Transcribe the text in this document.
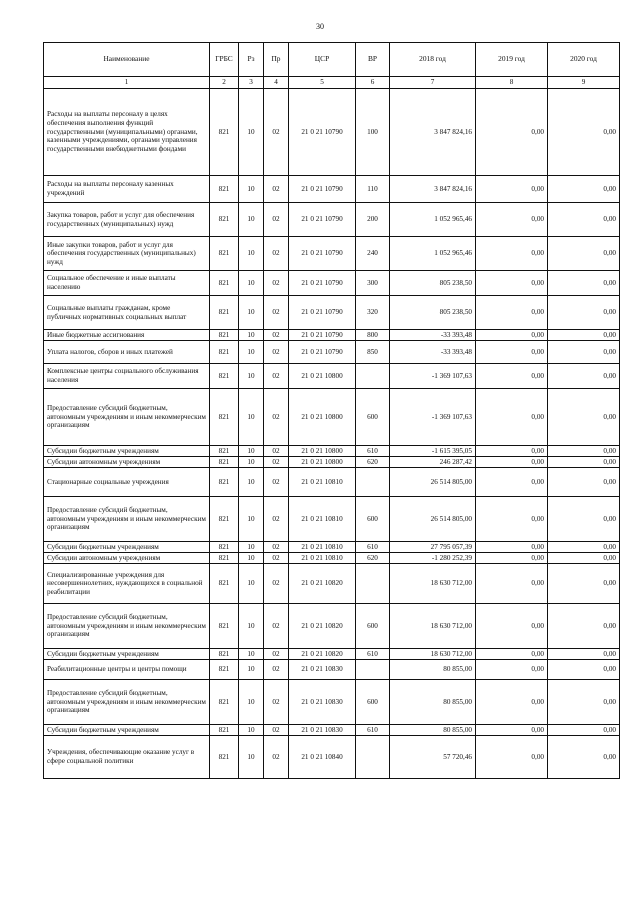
30
Наименование	ГРБС	Рз	Пр	ЦСР	ВР	2018 год	2019 год	2020 год
1	2	3	4	5	6	7	8	9
Расходы на выплаты персоналу в целях обеспечения выполнения функций государственными (муниципальными) органами, казенными учреждениями, органами управления государственными внебюджетными фондами	821	10	02	21 0 21 10790	100	3 847 824,16	0,00	0,00
Расходы на выплаты персоналу казенных учреждений	821	10	02	21 0 21 10790	110	3 847 824,16	0,00	0,00
Закупка товаров, работ и услуг для обеспечения государственных (муниципальных) нужд	821	10	02	21 0 21 10790	200	1 052 965,46	0,00	0,00
Иные закупки товаров, работ и услуг для обеспечения государственных (муниципальных) нужд	821	10	02	21 0 21 10790	240	1 052 965,46	0,00	0,00
Социальное обеспечение и иные выплаты населению	821	10	02	21 0 21 10790	300	805 238,50	0,00	0,00
Социальные выплаты гражданам, кроме публичных нормативных социальных выплат	821	10	02	21 0 21 10790	320	805 238,50	0,00	0,00
Иные бюджетные ассигнования	821	10	02	21 0 21 10790	800	-33 393,48	0,00	0,00
Уплата налогов, сборов и иных платежей	821	10	02	21 0 21 10790	850	-33 393,48	0,00	0,00
Комплексные центры социального обслуживания населения	821	10	02	21 0 21 10800		-1 369 107,63	0,00	0,00
Предоставление субсидий бюджетным, автономным учреждениям и иным некоммерческим организациям	821	10	02	21 0 21 10800	600	-1 369 107,63	0,00	0,00
Субсидии бюджетным учреждениям	821	10	02	21 0 21 10800	610	-1 615 395,05	0,00	0,00
Субсидии автономным учреждениям	821	10	02	21 0 21 10800	620	246 287,42	0,00	0,00
Стационарные социальные учреждения	821	10	02	21 0 21 10810		26 514 805,00	0,00	0,00
Предоставление субсидий бюджетным, автономным учреждениям и иным некоммерческим организациям	821	10	02	21 0 21 10810	600	26 514 805,00	0,00	0,00
Субсидии бюджетным учреждениям	821	10	02	21 0 21 10810	610	27 795 057,39	0,00	0,00
Субсидии автономным учреждениям	821	10	02	21 0 21 10810	620	-1 280 252,39	0,00	0,00
Специализированные учреждения для несовершеннолетних, нуждающихся в социальной реабилитации	821	10	02	21 0 21 10820		18 630 712,00	0,00	0,00
Предоставление субсидий бюджетным, автономным учреждениям и иным некоммерческим организациям	821	10	02	21 0 21 10820	600	18 630 712,00	0,00	0,00
Субсидии бюджетным учреждениям	821	10	02	21 0 21 10820	610	18 630 712,00	0,00	0,00
Реабилитационные центры и центры помощи	821	10	02	21 0 21 10830		80 855,00	0,00	0,00
Предоставление субсидий бюджетным, автономным учреждениям и иным некоммерческим организациям	821	10	02	21 0 21 10830	600	80 855,00	0,00	0,00
Субсидии бюджетным учреждениям	821	10	02	21 0 21 10830	610	80 855,00	0,00	0,00
Учреждения, обеспечивающие оказание услуг в сфере социальной политики	821	10	02	21 0 21 10840		57 720,46	0,00	0,00
